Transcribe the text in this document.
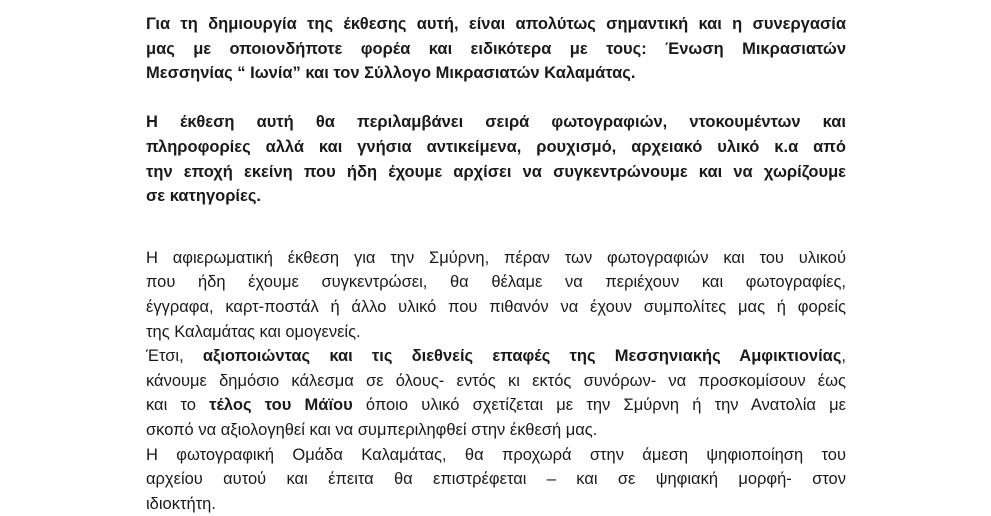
Για τη δημιουργία της έκθεσης αυτή, είναι απολύτως σημαντική και η συνεργασία
μας με οποιονδήποτε φορέα και ειδικότερα με τους: Ένωση Μικρασιατών
Μεσσηνίας “ Ιωνία” και τον Σύλλογο Μικρασιατών Καλαμάτας.
Η έκθεση αυτή θα περιλαμβάνει σειρά φωτογραφιών, ντοκουμέντων και
πληροφορίες αλλά και γνήσια αντικείμενα, ρουχισμό, αρχειακό υλικό κ.α από
την εποχή εκείνη που ήδη έχουμε αρχίσει να συγκεντρώνουμε και να χωρίζουμε
σε κατηγορίες.
Η αφιερωματική έκθεση για την Σμύρνη, πέραν των φωτογραφιών και του υλικού
που ήδη έχουμε συγκεντρώσει, θα θέλαμε να περιέχουν και φωτογραφίες,
έγγραφα, καρτ-ποστάλ ή άλλο υλικό που πιθανόν να έχουν συμπολίτες μας ή φορείς
της Καλαμάτας και ομογενείς.
Έτσι, αξιοποιώντας και τις διεθνείς επαφές της Μεσσηνιακής Αμφικτιονίας,
κάνουμε δημόσιο κάλεσμα σε όλους- εντός κι εκτός συνόρων- να προσκομίσουν έως
και το τέλος του Μάϊου όποιο υλικό σχετίζεται με την Σμύρνη ή την Ανατολία με
σκοπό να αξιολογηθεί και να συμπεριληφθεί στην έκθεσή μας.
Η φωτογραφική Ομάδα Καλαμάτας, θα προχωρά στην άμεση ψηφιοποίηση του
αρχείου αυτού και έπειτα θα επιστρέφεται – και σε ψηφιακή μορφή- στον
ιδιοκτήτη.
